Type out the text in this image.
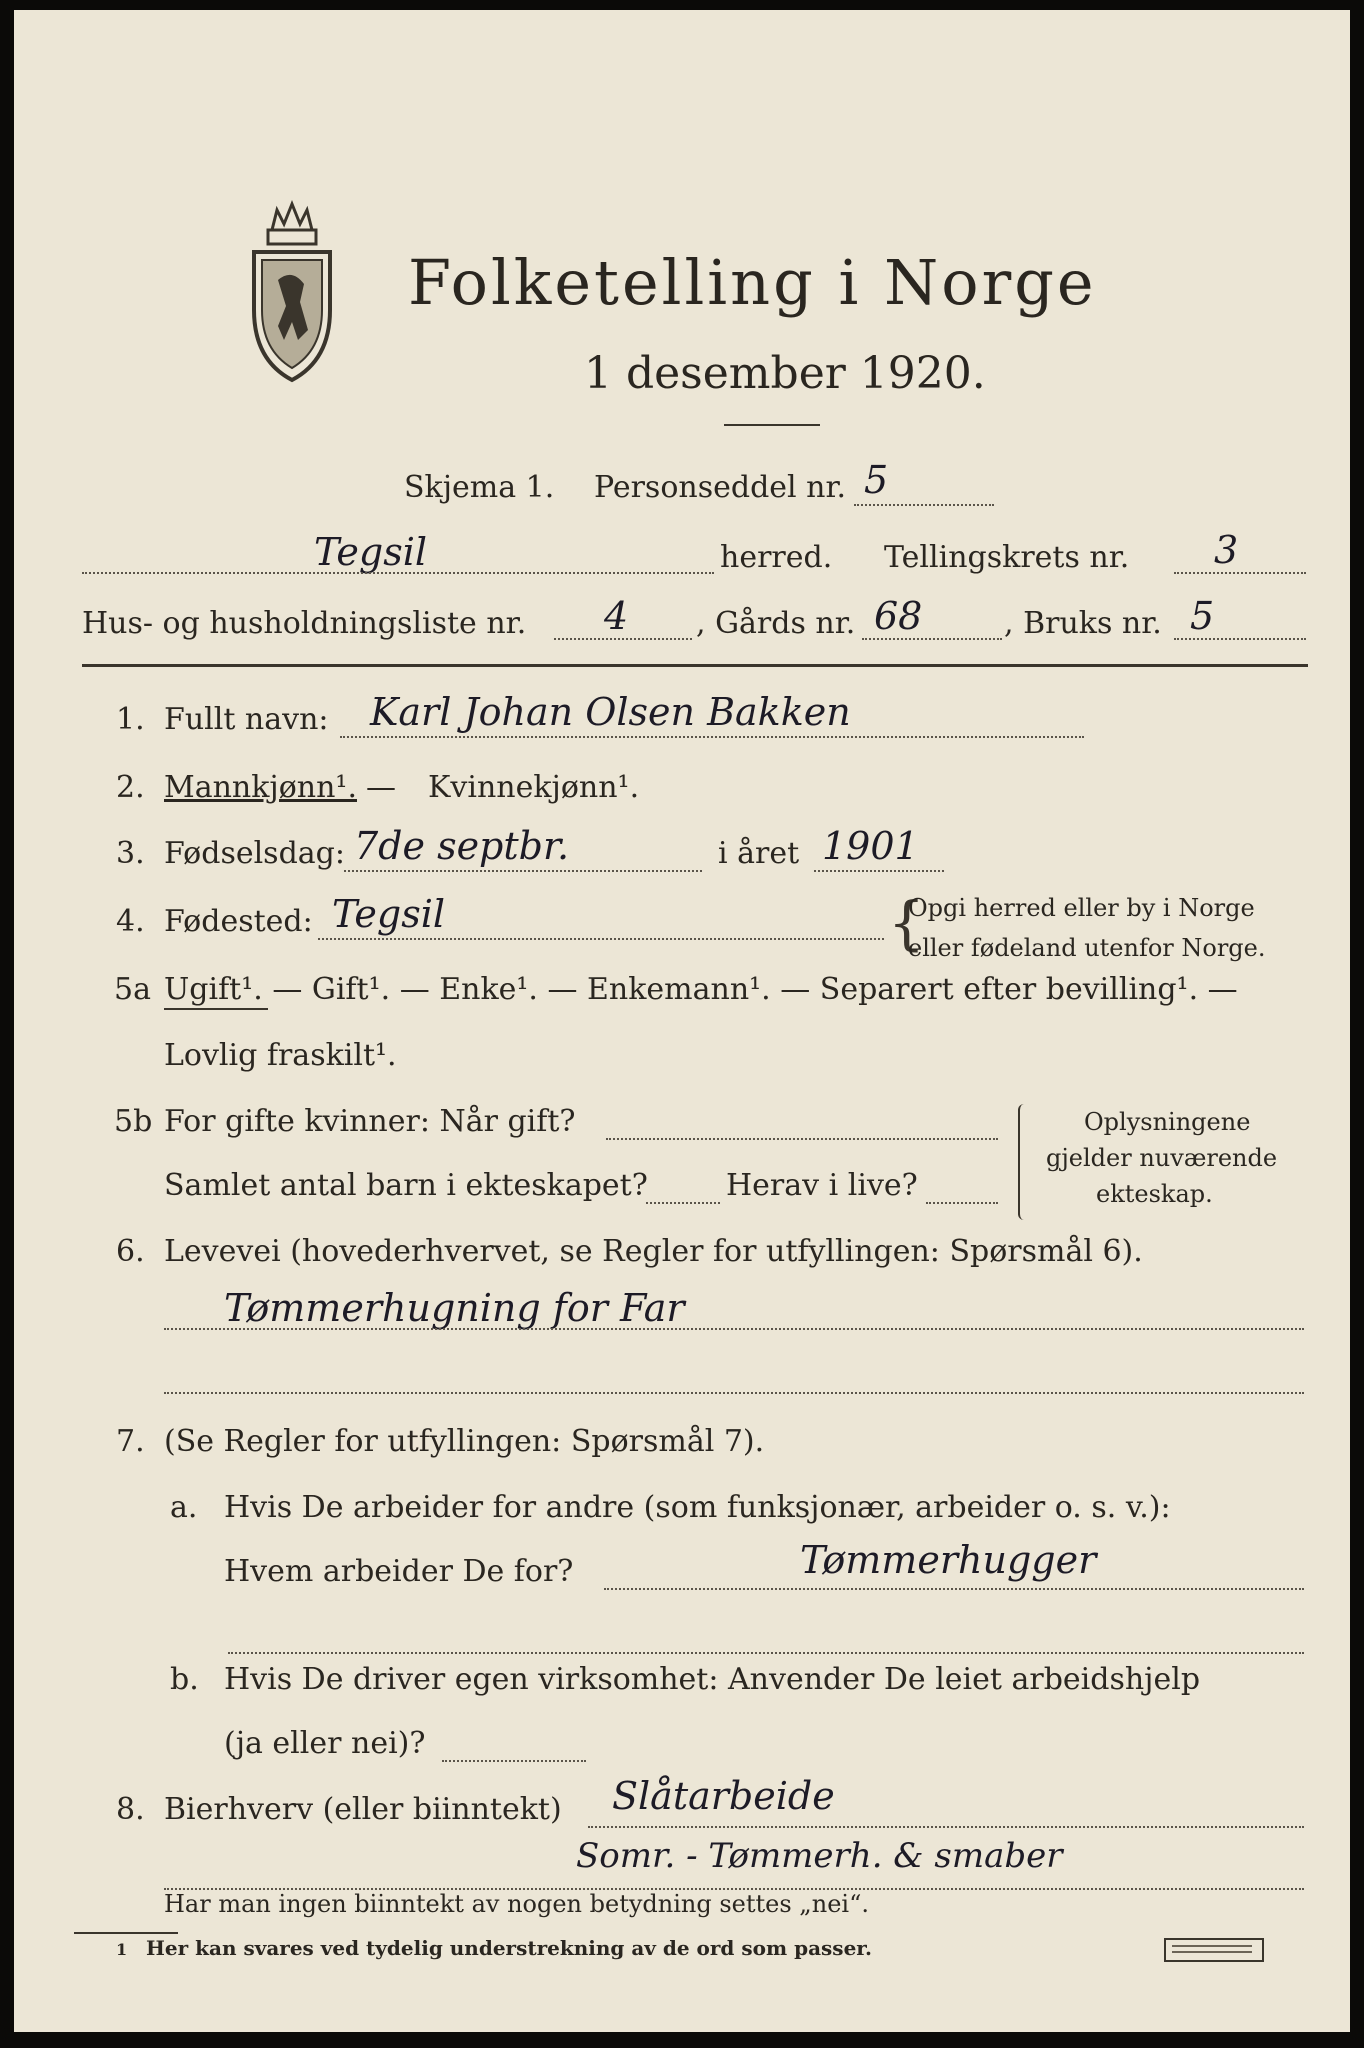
Folketelling i Norge
1 desember 1920.
Skjema 1. Personseddel nr. 5
Tegsil	herred. Tellingskrets nr. 3
Hus- og husholdningsliste nr. 4 , Gårds nr. 68	, Bruks nr. 5
1. Fullt navn: Karl Johan Olsen Bakken
2. Mannkjønn¹. — Kvinnekjønn¹.
3. Fødselsdag: 7de septbr.	i året 1901
4. Fødested: Tegsil	{
Opgi herred eller by i Norge
eller fødeland utenfor Norge.
5a Ugift¹. — Gift¹. — Enke¹. — Enkemann¹. — Separert efter bevilling¹. —
Lovlig fraskilt¹.
5b For gifte kvinner: Når gift?
Samlet antal barn i ekteskapet?	Herav i live?
Oplysningene
gjelder nuværende
ekteskap.
6. Levevei (hovederhvervet, se Regler for utfyllingen: Spørsmål 6).
Tømmerhugning for Far
7. (Se Regler for utfyllingen: Spørsmål 7).
a. Hvis De arbeider for andre (som funksjonær, arbeider o. s. v.):
Hvem arbeider De for?	Tømmerhugger
b. Hvis De driver egen virksomhet: Anvender De leiet arbeidshjelp
(ja eller nei)?
8. Bierhverv (eller biinntekt) Slåtarbeide
Somr. - Tømmerh. & smaber
Har man ingen biinntekt av nogen betydning settes „nei“.
1 Her kan svares ved tydelig understrekning av de ord som passer.
